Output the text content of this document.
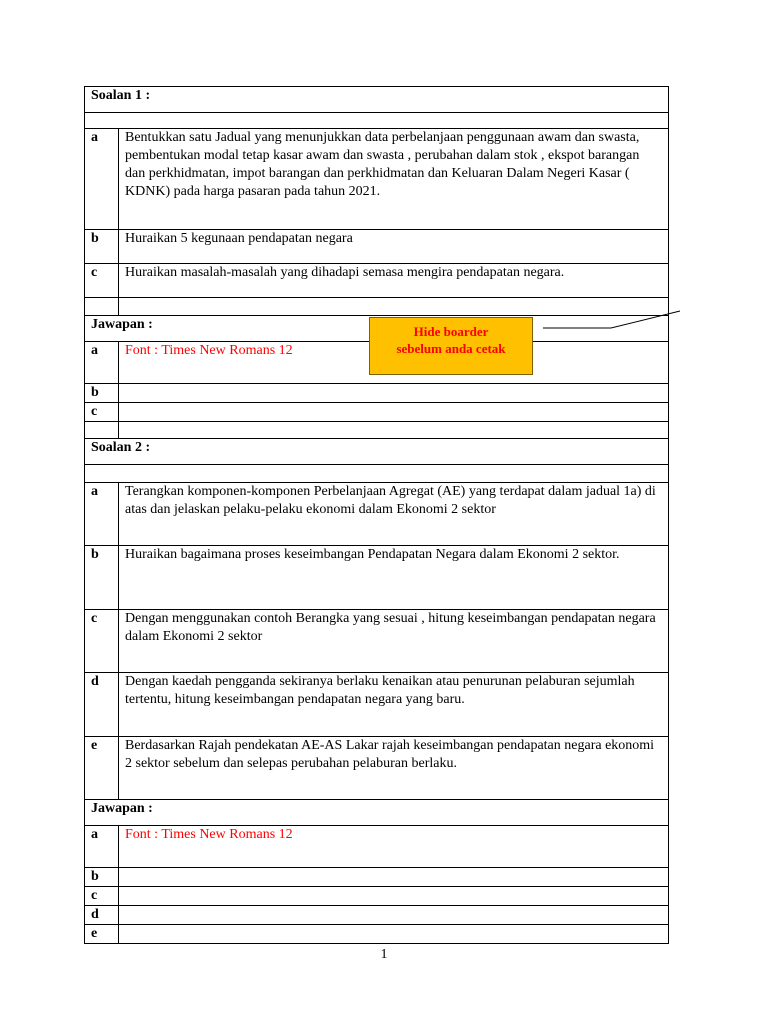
Soalan 1 :	

a	Bentukkan satu Jadual yang menunjukkan data perbelanjaan penggunaan awam dan swasta, pembentukan modal tetap kasar awam dan swasta , perubahan dalam stok , ekspot barangan dan perkhidmatan, impot barangan dan perkhidmatan dan Keluaran Dalam Negeri Kasar ( KDNK) pada harga pasaran pada tahun 2021.
b	Huraikan 5 kegunaan pendapatan negara
c	Huraikan masalah-masalah yang dihadapi semasa mengira pendapatan negara.

Jawapan :	
a	Font : Times New Romans 12
b	
c	

Soalan 2 :	

a	Terangkan komponen-komponen Perbelanjaan Agregat (AE) yang terdapat dalam jadual 1a) di atas dan jelaskan pelaku-pelaku ekonomi dalam Ekonomi 2 sektor
b	Huraikan bagaimana proses keseimbangan Pendapatan Negara dalam Ekonomi 2 sektor.
c	Dengan menggunakan contoh Berangka yang sesuai , hitung keseimbangan pendapatan negara dalam Ekonomi 2 sektor
d	Dengan kaedah pengganda sekiranya berlaku kenaikan atau penurunan pelaburan sejumlah tertentu, hitung keseimbangan pendapatan negara yang baru.
e	Berdasarkan Rajah pendekatan AE-AS Lakar rajah keseimbangan pendapatan negara ekonomi 2 sektor sebelum dan selepas perubahan pelaburan berlaku.
Jawapan :	
a	Font : Times New Romans 12
b	
c	
d	
e	
Hide boarder
sebelum anda cetak
1
